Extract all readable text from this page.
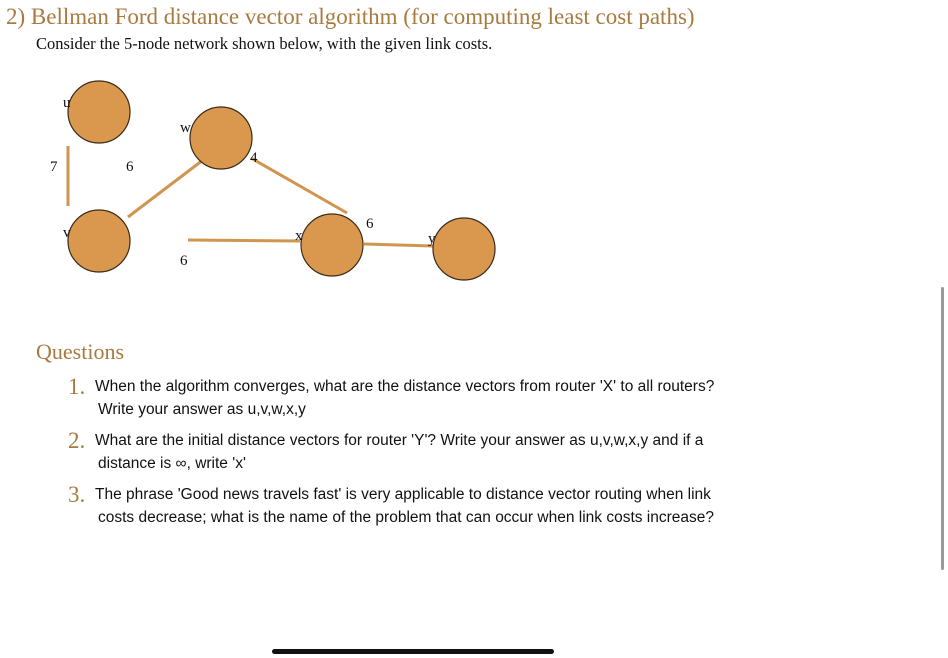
2) Bellman Ford distance vector algorithm (for computing least cost paths)
Consider the 5-node network shown below, with the given link costs.
u
w
v	x	y
7	6
4
6
6
Questions
1. When the algorithm converges, what are the distance vectors from router 'X' to all routers?
Write your answer as u,v,w,x,y
2. What are the initial distance vectors for router 'Y'? Write your answer as u,v,w,x,y and if a
distance is ∞, write 'x'
3. The phrase 'Good news travels fast' is very applicable to distance vector routing when link
costs decrease; what is the name of the problem that can occur when link costs increase?
